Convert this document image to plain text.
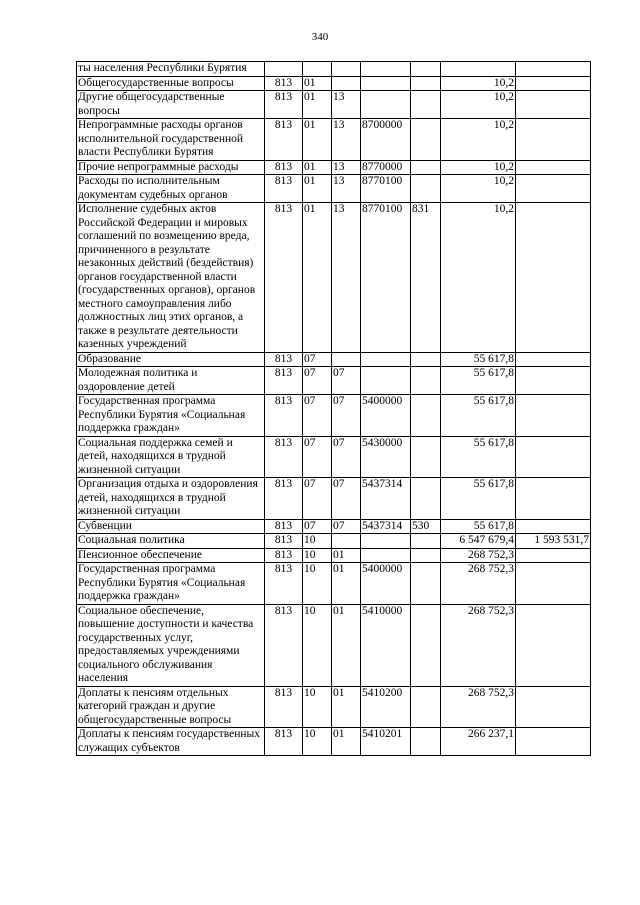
340
ты населения Республики Бурятия							
Общегосударственные вопросы	813	01				10,2	
Другие общегосударственные вопросы	813	01	13			10,2	
Непрограммные расходы органов исполнительной государственной власти Республики Бурятия	813	01	13	8700000		10,2	
Прочие непрограммные расходы	813	01	13	8770000		10,2	
Расходы по исполнительным документам судебных органов	813	01	13	8770100		10,2	
Исполнение судебных актов Российской Федерации и мировых соглашений по возмещению вреда, причиненного в результате незаконных действий (бездействия) органов государственной власти (государственных органов), органов местного самоуправления либо должностных лиц этих органов, а также в результате деятельности казенных учреждений	813	01	13	8770100	831	10,2	
Образование	813	07				55 617,8	
Молодежная политика и оздоровление детей	813	07	07			55 617,8	
Государственная программа Республики Бурятия «Социальная поддержка граждан»	813	07	07	5400000		55 617,8	
Социальная поддержка семей и детей, находящихся в трудной жизненной ситуации	813	07	07	5430000		55 617,8	
Организация отдыха и оздоровления детей, находящихся в трудной жизненной ситуации	813	07	07	5437314		55 617,8	
Субвенции	813	07	07	5437314	530	55 617,8	
Социальная политика	813	10				6 547 679,4	1 593 531,7
Пенсионное обеспечение	813	10	01			268 752,3	
Государственная программа Республики Бурятия «Социальная поддержка граждан»	813	10	01	5400000		268 752,3	
Социальное обеспечение, повышение доступности и качества государственных услуг, предоставляемых учреждениями социального обслуживания населения	813	10	01	5410000		268 752,3	
Доплаты к пенсиям отдельных категорий граждан и другие общегосударственные вопросы	813	10	01	5410200		268 752,3	
Доплаты к пенсиям государственных служащих субъектов	813	10	01	5410201		266 237,1	
